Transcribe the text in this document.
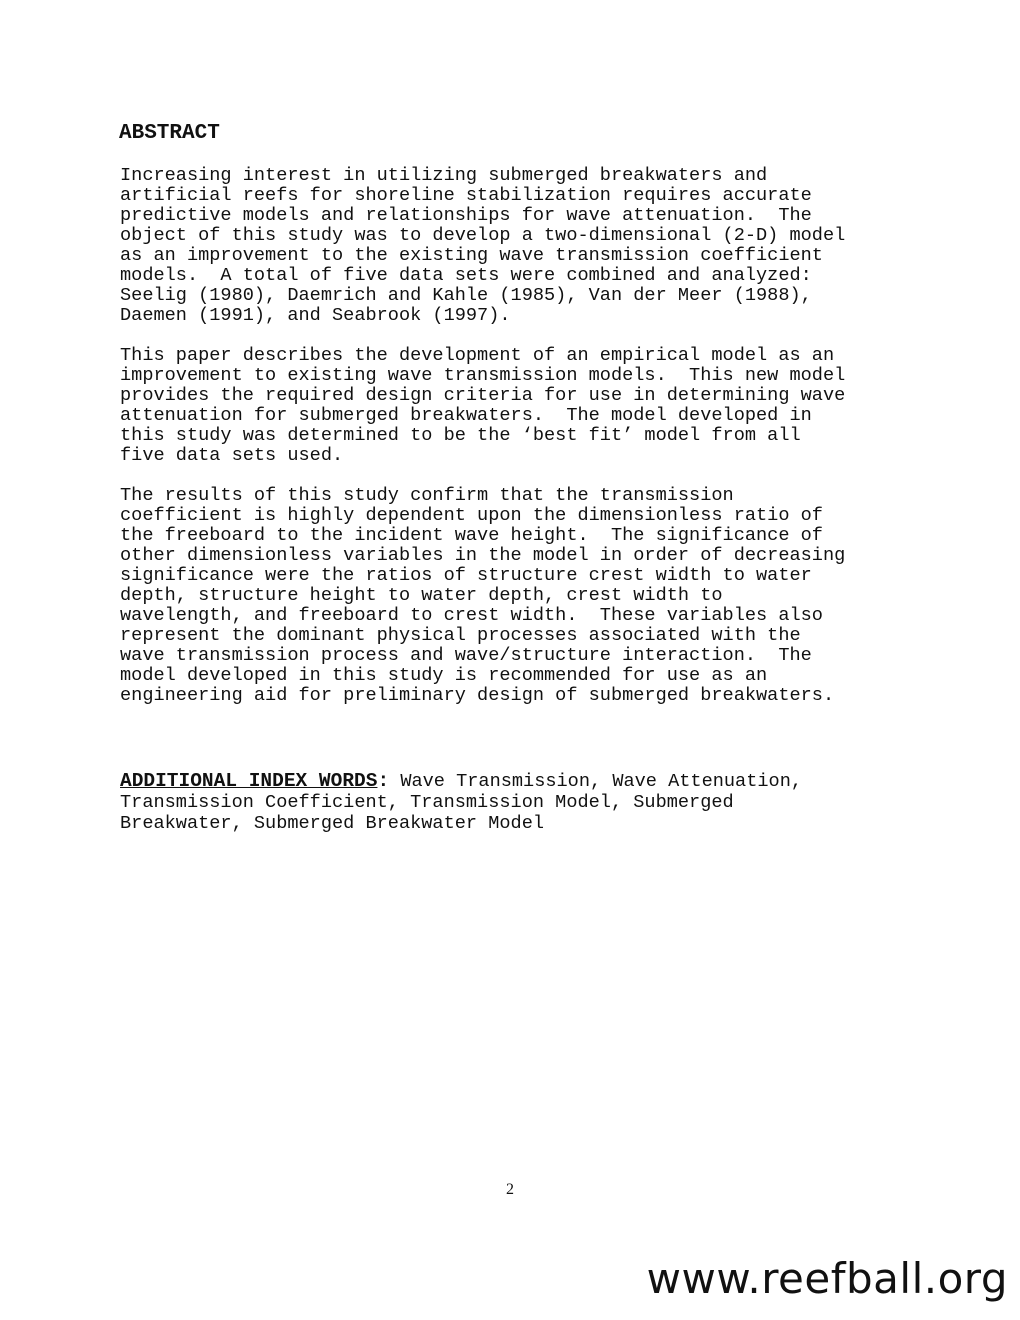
ABSTRACT

Increasing interest in utilizing submerged breakwaters and
artificial reefs for shoreline stabilization requires accurate
predictive models and relationships for wave attenuation.  The
object of this study was to develop a two-dimensional (2-D) model
as an improvement to the existing wave transmission coefficient
models.  A total of five data sets were combined and analyzed:
Seelig (1980), Daemrich and Kahle (1985), Van der Meer (1988),
Daemen (1991), and Seabrook (1997).

This paper describes the development of an empirical model as an
improvement to existing wave transmission models.  This new model
provides the required design criteria for use in determining wave
attenuation for submerged breakwaters.  The model developed in
this study was determined to be the ‘best fit’ model from all
five data sets used.

The results of this study confirm that the transmission
coefficient is highly dependent upon the dimensionless ratio of
the freeboard to the incident wave height.  The significance of
other dimensionless variables in the model in order of decreasing
significance were the ratios of structure crest width to water
depth, structure height to water depth, crest width to
wavelength, and freeboard to crest width.  These variables also
represent the dominant physical processes associated with the
wave transmission process and wave/structure interaction.  The
model developed in this study is recommended for use as an
engineering aid for preliminary design of submerged breakwaters.

ADDITIONAL INDEX WORDS: Wave Transmission, Wave Attenuation,
Transmission Coefficient, Transmission Model, Submerged
Breakwater, Submerged Breakwater Model
2
www.reefball.org
